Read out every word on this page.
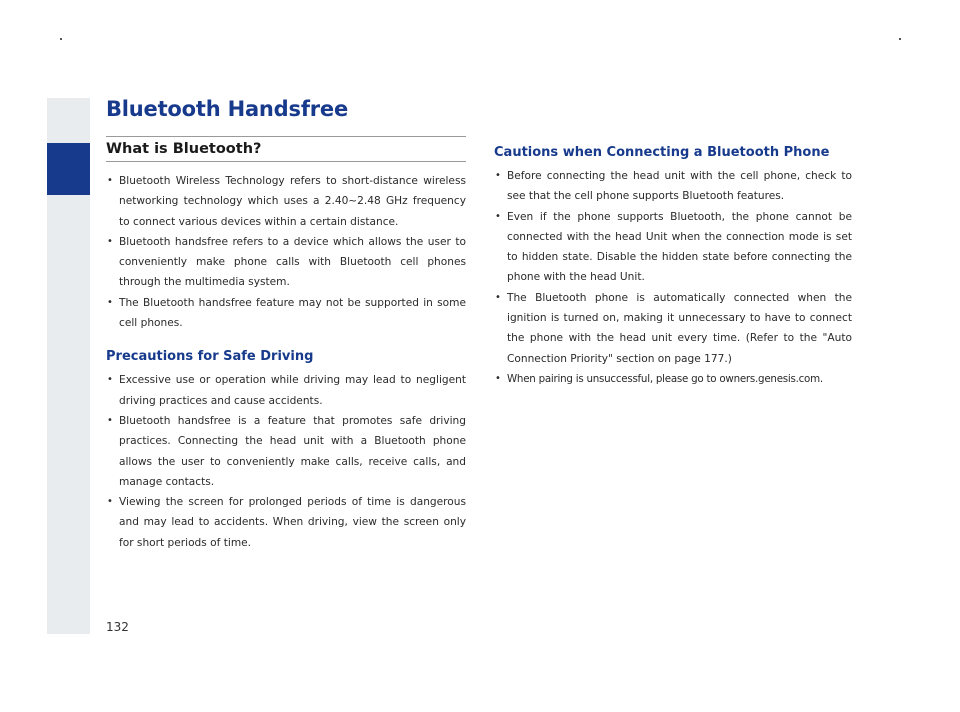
Bluetooth Handsfree
What is Bluetooth?
• Bluetooth Wireless Technology refers to short-distance wireless networking technology which uses a 2.40~2.48 GHz frequency to connect various devices within a certain distance.
• Bluetooth handsfree refers to a device which allows the user to conveniently make phone calls with Bluetooth cell phones through the multimedia system.
• The Bluetooth handsfree feature may not be supported in some cell phones.
Precautions for Safe Driving
• Excessive use or operation while driving may lead to negligent driving practices and cause accidents.
• Bluetooth handsfree is a feature that promotes safe driving practices. Connecting the head unit with a Bluetooth phone allows the user to conveniently make calls, receive calls, and manage contacts.
• Viewing the screen for prolonged periods of time is dangerous and may lead to accidents. When driving, view the screen only for short periods of time.
Cautions when Connecting a Bluetooth Phone
• Before connecting the head unit with the cell phone, check to see that the cell phone supports Bluetooth features.
• Even if the phone supports Bluetooth, the phone cannot be connected with the head Unit when the connection mode is set to hidden state. Disable the hidden state before connecting the phone with the head Unit.
• The Bluetooth phone is automatically connected when the ignition is turned on, making it unnecessary to have to connect the phone with the head unit every time. (Refer to the "Auto Connection Priority" section on page 177.)
• When pairing is unsuccessful, please go to owners.genesis.com.
132
